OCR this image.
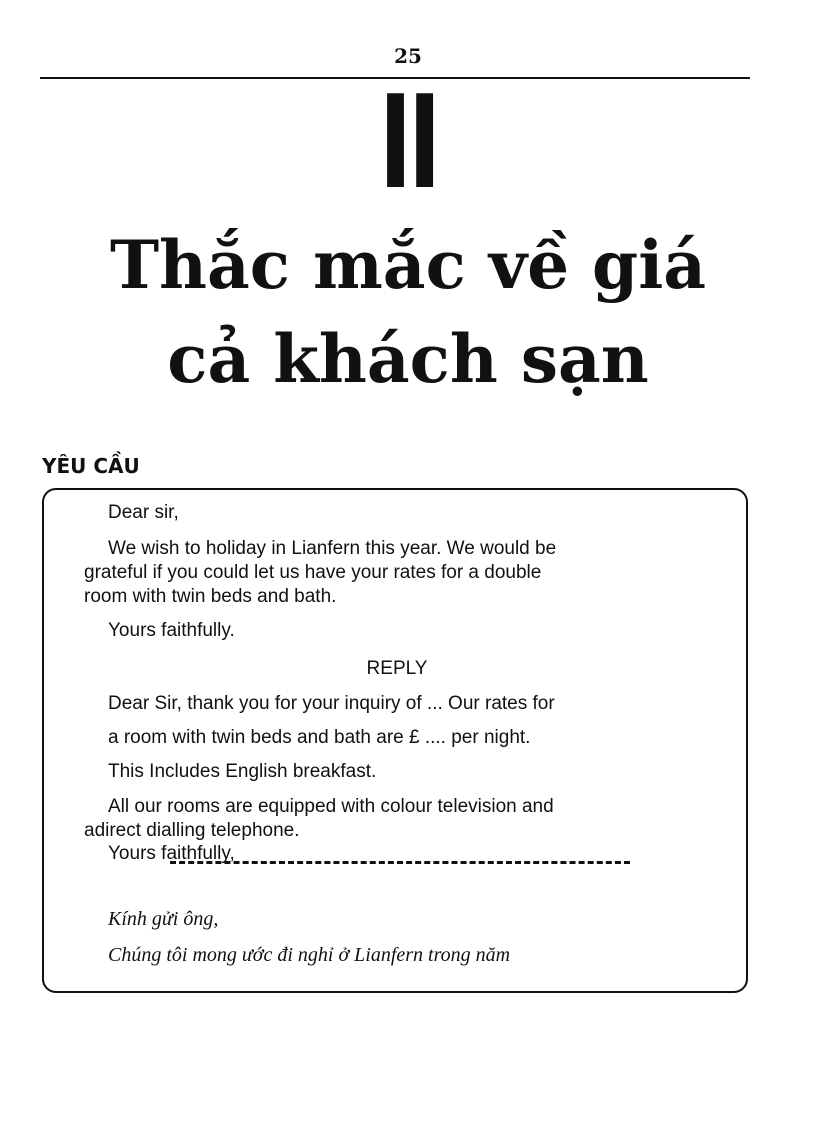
25
II
Thắc mắc về giá
cả khách sạn
YÊU CẦU
Dear sir,
We wish to holiday in Lianfern this year. We would be
grateful if you could let us have your rates for a double
room with twin beds and bath.
Yours faithfully.
REPLY
Dear Sir, thank you for your inquiry of ... Our rates for
a room with twin beds and bath are £ .... per night.
This Includes English breakfast.
All our rooms are equipped with colour television and
adirect dialling telephone.
Yours faithfully,
Kính gửi ông,
Chúng tôi mong ước đi nghỉ ở Lianfern trong năm
